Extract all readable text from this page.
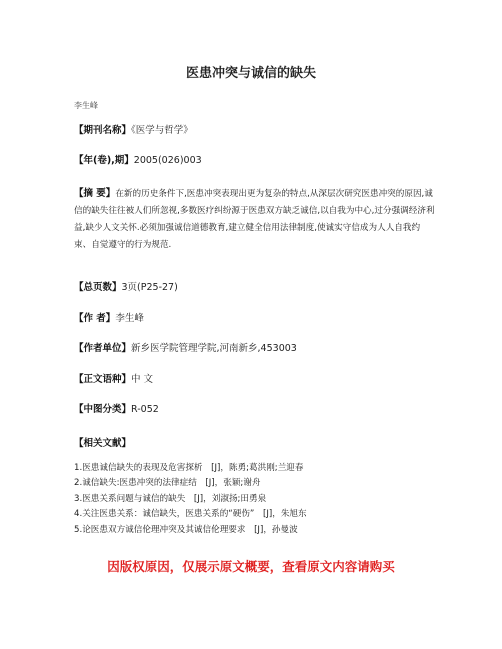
医患冲突与诚信的缺失
李生峰
【期刊名称】《医学与哲学》
【年(卷),期】2005(026)003
【摘 要】在新的历史条件下,医患冲突表现出更为复杂的特点,从深层次研究医患冲突的原因,诚信的缺失往往被人们所忽视,多数医疗纠纷源于医患双方缺乏诚信,以自我为中心,过分强调经济利益,缺少人文关怀.必须加强诚信道德教育,建立健全信用法律制度,使诚实守信成为人人自我约束、自觉遵守的行为规范.
【总页数】3页(P25-27)
【作 者】李生峰
【作者单位】新乡医学院管理学院,河南新乡,453003
【正文语种】中 文
【中图分类】R-052
【相关文献】
1.医患诚信缺失的表现及危害探析　[J]，陈勇;葛洪刚;兰迎春
2.诚信缺失:医患冲突的法律症结　[J]，张颖;谢舟
3.医患关系问题与诚信的缺失　[J]，刘淑扬;田勇泉
4.关注医患关系：诚信缺失，医患关系的“硬伤”　[J]，朱旭东
5.论医患双方诚信伦理冲突及其诚信伦理要求　[J]，孙曼波
因版权原因，仅展示原文概要，查看原文内容请购买
